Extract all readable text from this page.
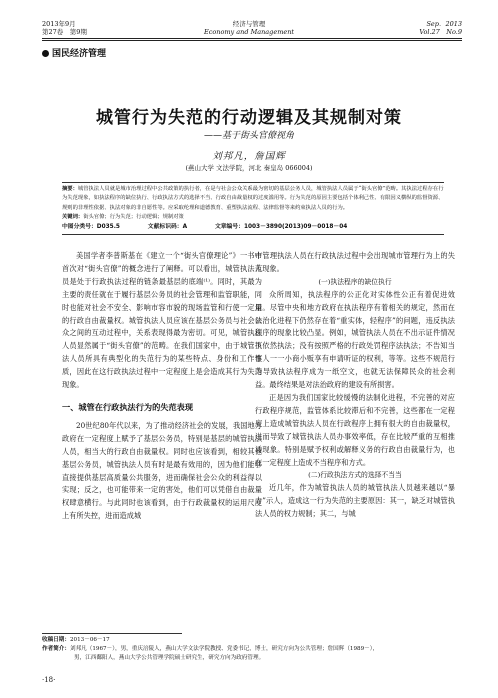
2013年9月
第27卷　第9期
经济与管理
Economy and Management
Sep．2013
Vol.27　No.9
国民经济管理
城管行为失范的行动逻辑及其规制对策
——基于街头官僚视角
刘邦凡，詹国辉
(燕山大学 文法学院，河北 秦皇岛 066004)
摘要：城管执法人员就是城市治理过程中公共政策的执行者，在是与社会公众关系最为密切的基层公务人员，城管执法人员属于“街头官僚”范畴。其执法过程存在行为失范现象，如执法程序的缺位执行、行政执法方式的选择不当、行政自由裁量权的过度滥用等。行为失范的原因主要包括个体利己性、有限因义横纵的监督资源、规则的非理性依据、执法对象的非自愿性等。应采取纶理和道德教育、重塑执法流程、法律监督等来约束执法人员的行为。
关键词：街头官僚；行为失范；行动逻辑；规制对策
中图分类号：D035.5	文献标识码：A	文章编号：1003－3890(2013)09－0018－04

美国学者李普斯基在《建立一个“街头官僚理论”》一书中首次对“街头官僚”的概念进行了阐释。可以看出，城管执法人员是处于行政执法过程的链条最基层的底端⁽¹⁾。同时，其最为主要的责任就在于履行基层公务员的社会管理和监管职能，同时也能对社会不安全、影响市容市貌的现场监管和行使一定量的行政自由裁量权。城管执法人员应该在基层公务员与社会公众之间的互动过程中，关系表现得最为密切。可见，城管执法人员显然属于“街头官僚”的范畴。在我们国家中，由于城管执法人员所具有典型化的失范行为的某些特点、身份和工作性质，因此在这行政执法过程中一定程度上是会造成其行为失范现象。

一、城管在行政执法行为的失范表现

20世纪80年代以来，为了推动经济社会的发展，我国地方政府在一定程度上赋予了基层公务员，特别是基层的城管执法人员，相当大的行政自由裁量权。同时也应该看到，相较其他基层公务员，城管执法人员有时是最有效用的，因为他们能够直接提供基层高质量公共服务，进而确保社会公众的利益得以实现；反之，也可能带来一定的害处，他们可以凭借自由裁量权肆意横行。与此同时也该看到，由于行政裁量权的运用尺度上有所失控，进而造成城

市管理执法人员在行政执法过程中会出现城市管理行为上的失范现象。

(一)执法程序的缺位执行

众所周知，执法程序的公正化对实体性公正有着促进效用。尽管中央和地方政府在执法程序有着相关的规定，然而在法治化进程下仍然存在着“重实体，轻程序”的问题，违反执法程序的现象比较凸显。例如，城管执法人员在不出示证件情况下依然执法；没有按照严格的行政处罚程序法执法；不告知当事人一一小商小贩享有申请听证的权利，等等。这些不规范行为导致执法程序成为一纸空文，也就无法保障民众的社会利益。最终结果是对法治政府的建设有所损害。

正是因为我们国家比较缓慢的法制化进程，不完善的对应行政程序规范，监管体系比较滞后和不完善，这些都在一定程度上造成城管执法人员在行政程序上拥有很大的自由裁量权，进而导致了城管执法人员办事效率低，存在比较严重的互相推诿现象。特别是赋予权利或解释义务的行政自由裁量行为，也在一定程度上造成不当程序和方式。

(二)行政执法方式的选择不当当

近几年，作为城管执法人员的城管执法人员越来越以“暴力”示人，造成这一行为失范的主要原因：其一，缺乏对城管执法人员的权力规制；其二，与城

收稿日期：2013－06－17
作者简介：刘邦凡（1967－），男，重庆涪陵人，燕山大学文法学院教授、党委书记，博士，研究方向为公共管理；詹国辉（1989－），
男，江西鄱阳人，燕山大学公共管理学院硕士研究生，研究方向为政府管理。
·18·
